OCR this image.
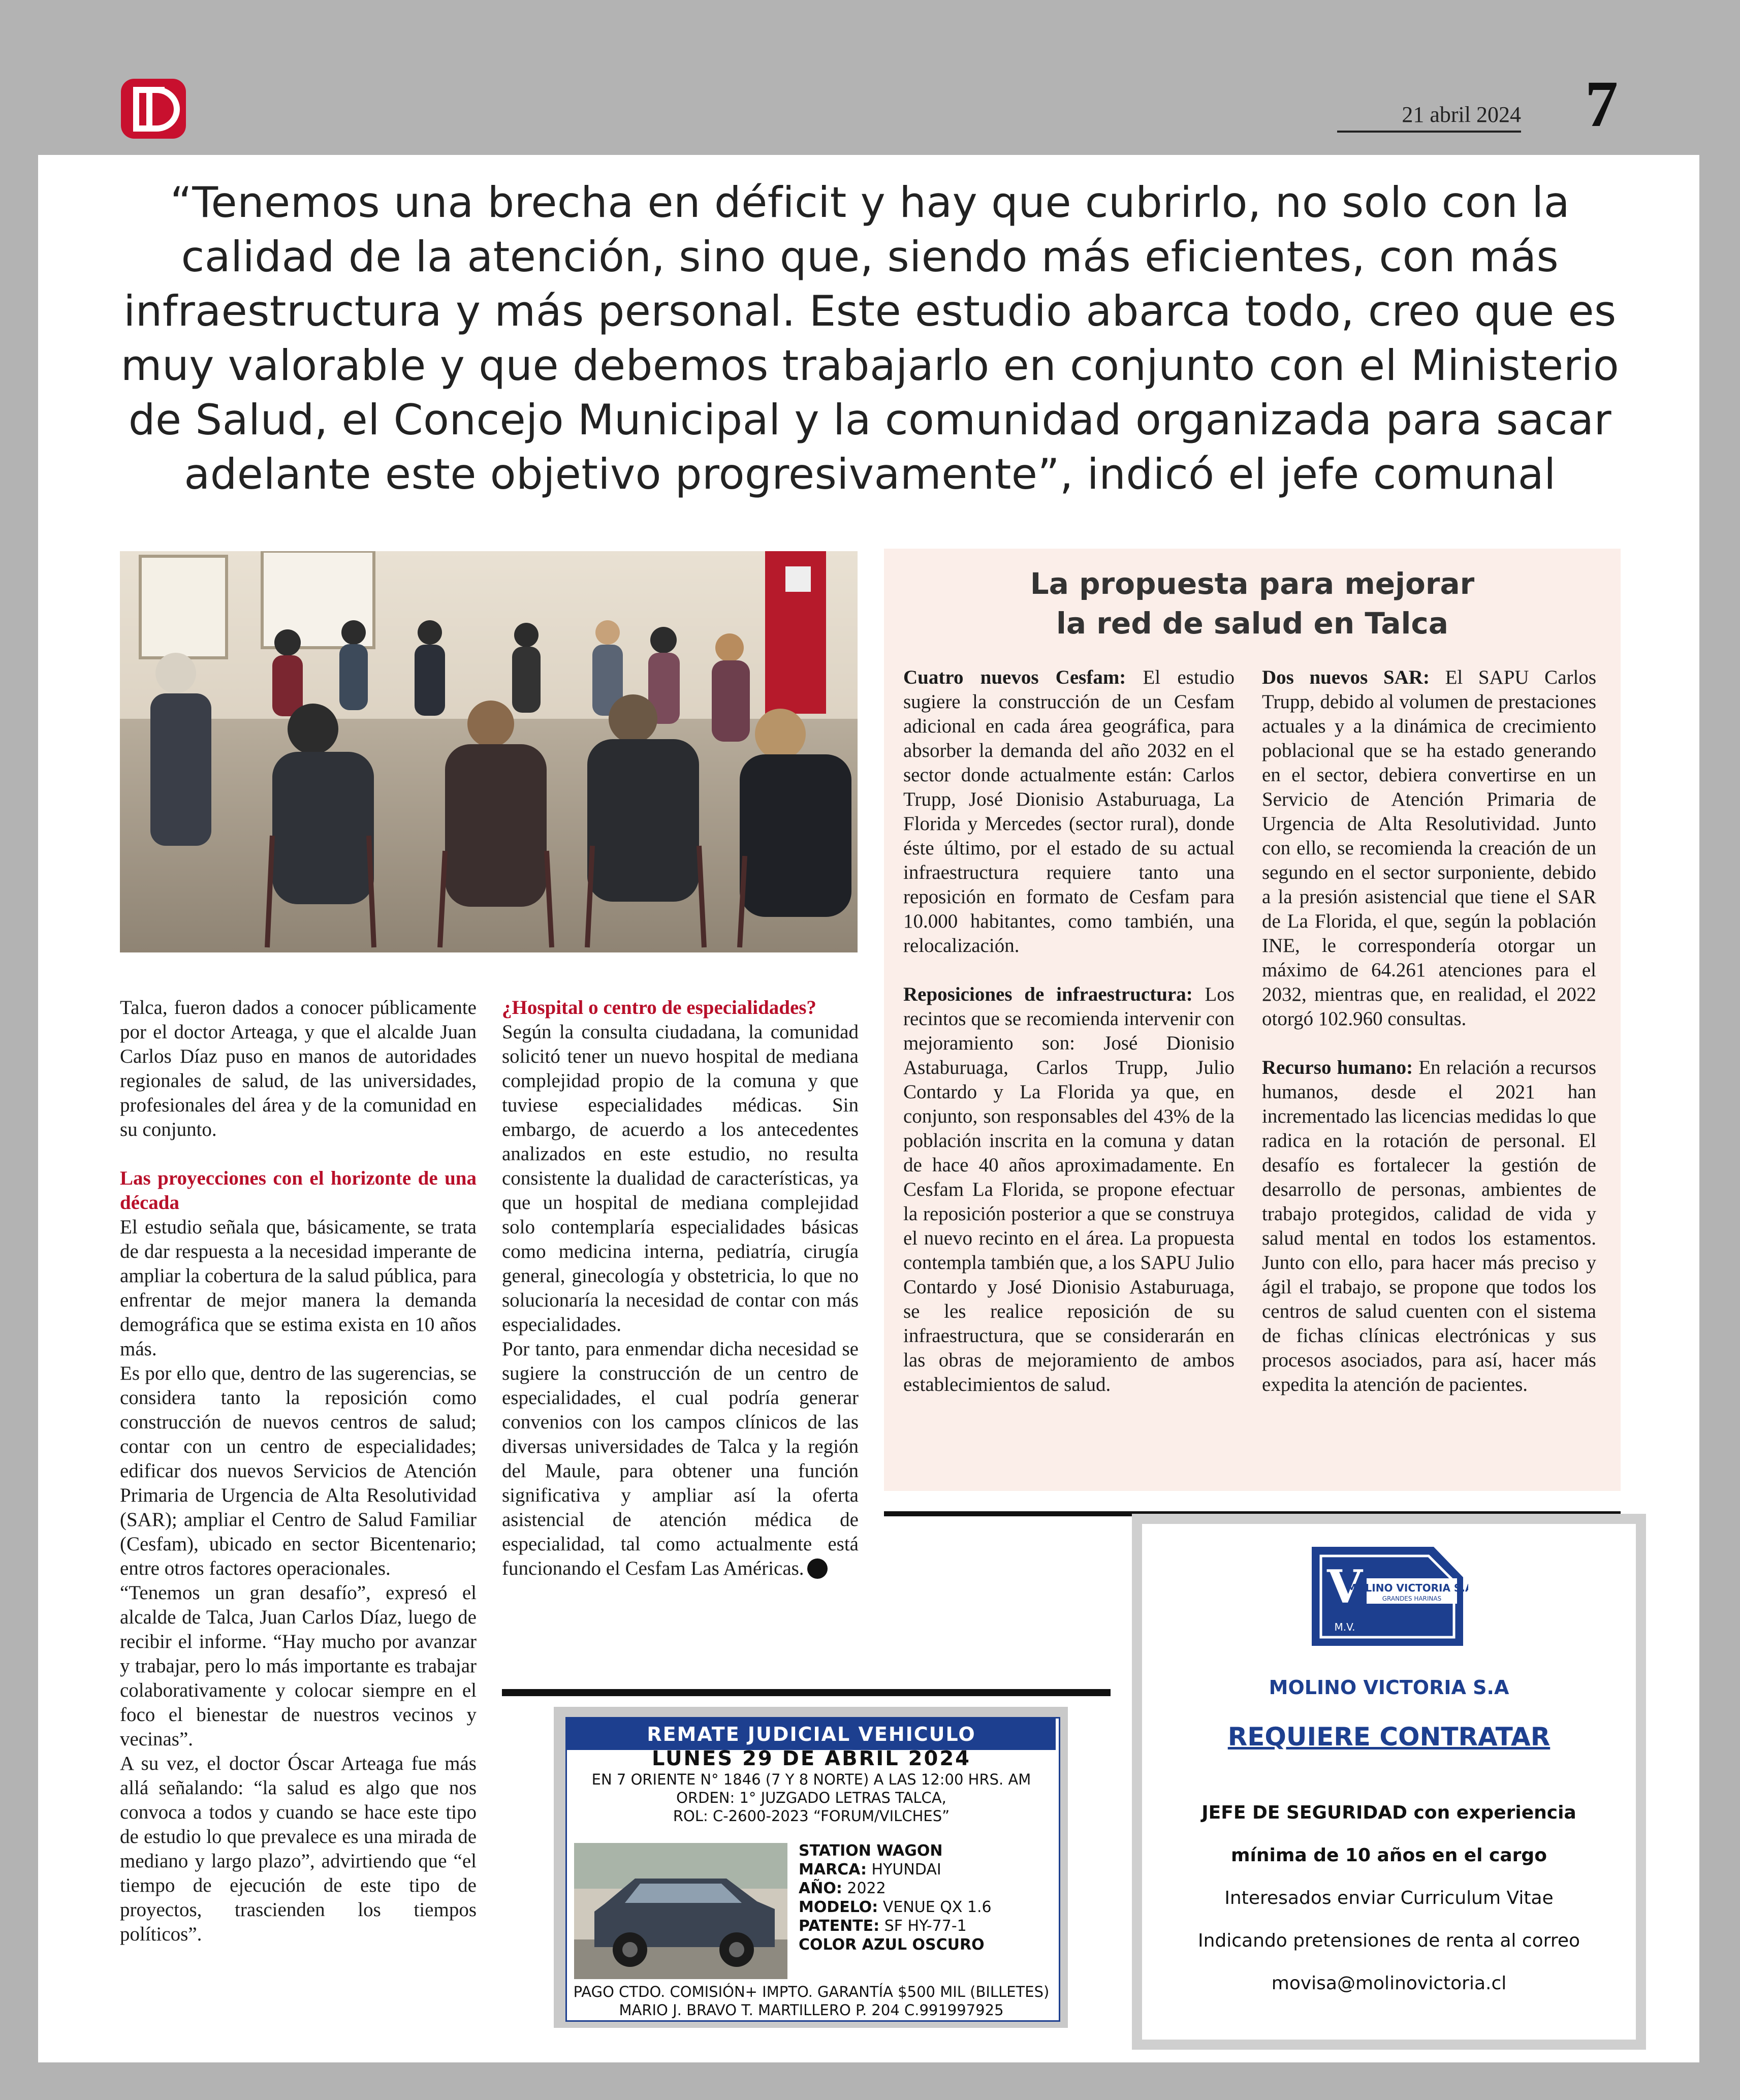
21 abril 2024 7
“Tenemos una brecha en déficit y hay que cubrirlo, no solo con la calidad de la atención, sino que, siendo más eficientes, con más infraestructura y más personal. Este estudio abarca todo, creo que es muy valorable y que debemos trabajarlo en conjunto con el Ministerio de Salud, el Concejo Municipal y la comunidad organizada para sacar adelante este objetivo progresivamente”, indicó el jefe comunal

Talca, fueron dados a conocer públicamente por el doctor Arteaga, y que el alcalde Juan Carlos Díaz puso en manos de autoridades regionales de salud, de las universidades, profesionales del área y de la comunidad en su conjunto.

Las proyecciones con el horizonte de una década

El estudio señala que, básicamente, se trata de dar respuesta a la necesidad imperante de ampliar la cobertura de la salud pública, para enfrentar de mejor manera la demanda demográfica que se estima exista en 10 años más.

Es por ello que, dentro de las sugerencias, se considera tanto la reposición como construcción de nuevos centros de salud; contar con un centro de especialidades; edificar dos nuevos Servicios de Atención Primaria de Urgencia de Alta Resolutividad (SAR); ampliar el Centro de Salud Familiar (Cesfam), ubicado en sector Bicentenario; entre otros factores operacionales.

“Tenemos un gran desafío”, expresó el alcalde de Talca, Juan Carlos Díaz, luego de recibir el informe. “Hay mucho por avanzar y trabajar, pero lo más importante es trabajar colaborativamente y colocar siempre en el foco el bienestar de nuestros vecinos y vecinas”.

A su vez, el doctor Óscar Arteaga fue más allá señalando: “la salud es algo que nos convoca a todos y cuando se hace este tipo de estudio lo que prevalece es una mirada de mediano y largo plazo”, advirtiendo que “el tiempo de ejecución de este tipo de proyectos, trascienden los tiempos políticos”.

¿Hospital o centro de especialidades?

Según la consulta ciudadana, la comunidad solicitó tener un nuevo hospital de mediana complejidad propio de la comuna y que tuviese especialidades médicas. Sin embargo, de acuerdo a los antecedentes analizados en este estudio, no resulta consistente la dualidad de características, ya que un hospital de mediana complejidad solo contemplaría especialidades básicas como medicina interna, pediatría, cirugía general, ginecología y obstetricia, lo que no solucionaría la necesidad de contar con más especialidades.

Por tanto, para enmendar dicha necesidad se sugiere la construcción de un centro de especialidades, el cual podría generar convenios con los campos clínicos de las diversas universidades de Talca y la región del Maule, para obtener una función significativa y ampliar así la oferta asistencial de atención médica de especialidad, tal como actualmente está funcionando el Cesfam Las Américas.

La propuesta para mejorar
la red de salud en Talca

Cuatro nuevos Cesfam: El estudio sugiere la construcción de un Cesfam adicional en cada área geográfica, para absorber la demanda del año 2032 en el sector donde actualmente están: Carlos Trupp, José Dionisio Astaburuaga, La Florida y Mercedes (sector rural), donde éste último, por el estado de su actual infraestructura requiere tanto una reposición en formato de Cesfam para 10.000 habitantes, como también, una relocalización.

Reposiciones de infraestructura: Los recintos que se recomienda intervenir con mejoramiento son: José Dionisio Astaburuaga, Carlos Trupp, Julio Contardo y La Florida ya que, en conjunto, son responsables del 43% de la población inscrita en la comuna y datan de hace 40 años aproximadamente. En Cesfam La Florida, se propone efectuar la reposición posterior a que se construya el nuevo recinto en el área. La propuesta contempla también que, a los SAPU Julio Contardo y José Dionisio Astaburuaga, se les realice reposición de su infraestructura, que se considerarán en las obras de mejoramiento de ambos establecimientos de salud.

Dos nuevos SAR: El SAPU Carlos Trupp, debido al volumen de prestaciones actuales y a la dinámica de crecimiento poblacional que se ha estado generando en el sector, debiera convertirse en un Servicio de Atención Primaria de Urgencia de Alta Resolutividad. Junto con ello, se recomienda la creación de un segundo en el sector surponiente, debido a la presión asistencial que tiene el SAR de La Florida, el que, según la población INE, le correspondería otorgar un máximo de 64.261 atenciones para el 2032, mientras que, en realidad, el 2022 otorgó 102.960 consultas.

Recurso humano: En relación a recursos humanos, desde el 2021 han incrementado las licencias medidas lo que radica en la rotación de personal. El desafío es fortalecer la gestión de desarrollo de personas, ambientes de trabajo protegidos, calidad de vida y salud mental en todos los estamentos. Junto con ello, para hacer más preciso y ágil el trabajo, se propone que todos los centros de salud cuenten con el sistema de fichas clínicas electrónicas y sus procesos asociados, para así, hacer más expedita la atención de pacientes.

REMATE JUDICIAL VEHICULO
LUNES 29 DE ABRIL 2024
EN 7 ORIENTE N° 1846 (7 Y 8 NORTE) A LAS 12:00 HRS. AM
ORDEN: 1° JUZGADO LETRAS TALCA,
ROL: C-2600-2023 “FORUM/VILCHES”
STATION WAGON
MARCA: HYUNDAI
AÑO: 2022
MODELO: VENUE QX 1.6
PATENTE: SF HY-77-1
COLOR AZUL OSCURO
PAGO CTDO. COMISIÓN+ IMPTO. GARANTÍA $500 MIL (BILLETES)
MARIO J. BRAVO T. MARTILLERO P. 204 C.991997925
V
MOLINO VICTORIA S.A.
GRANDES HARINAS
M.V.
MOLINO VICTORIA S.A
REQUIERE CONTRATAR
JEFE DE SEGURIDAD con experiencia
mínima de 10 años en el cargo
Interesados enviar Curriculum Vitae
Indicando pretensiones de renta al correo
movisa@molinovictoria.cl
